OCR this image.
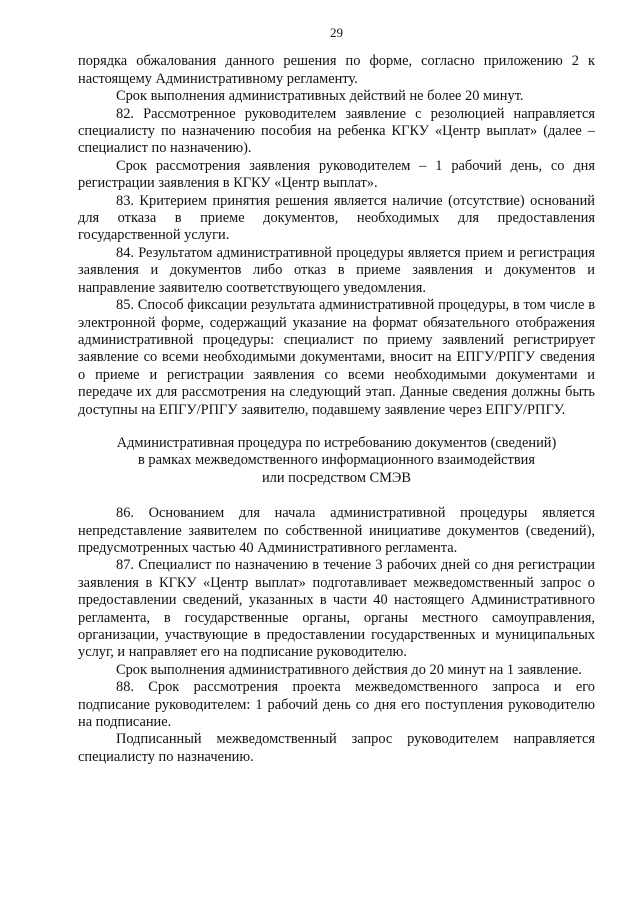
29

порядка обжалования данного решения по форме, согласно приложению 2 к настоящему Административному регламенту.

Срок выполнения административных действий не более 20 минут.

82. Рассмотренное руководителем заявление с резолюцией направляется специалисту по назначению пособия на ребенка КГКУ «Центр выплат» (далее – специалист по назначению).

Срок рассмотрения заявления руководителем – 1 рабочий день, со дня регистрации заявления в КГКУ «Центр выплат».

83. Критерием принятия решения является наличие (отсутствие) оснований для отказа в приеме документов, необходимых для предоставления государственной услуги.

84. Результатом административной процедуры является прием и регистрация заявления и документов либо отказ в приеме заявления и документов и направление заявителю соответствующего уведомления.

85. Способ фиксации результата административной процедуры, в том числе в электронной форме, содержащий указание на формат обязательного отображения административной процедуры: специалист по приему заявлений регистрирует заявление со всеми необходимыми документами, вносит на ЕПГУ/РПГУ сведения о приеме и регистрации заявления со всеми необходимыми документами и передаче их для рассмотрения на следующий этап. Данные сведения должны быть доступны на ЕПГУ/РПГУ заявителю, подавшему заявление через ЕПГУ/РПГУ.

Административная процедура по истребованию документов (сведений)
в рамках межведомственного информационного взаимодействия
или посредством СМЭВ

86. Основанием для начала административной процедуры является непредставление заявителем по собственной инициативе документов (сведений), предусмотренных частью 40 Административного регламента.

87. Специалист по назначению в течение 3 рабочих дней со дня регистрации заявления в КГКУ «Центр выплат» подготавливает межведомственный запрос о предоставлении сведений, указанных в части 40 настоящего Административного регламента, в государственные органы, органы местного самоуправления, организации, участвующие в предоставлении государственных и муниципальных услуг, и направляет его на подписание руководителю.

Срок выполнения административного действия до 20 минут на 1 заявление.

88. Срок рассмотрения проекта межведомственного запроса и его подписание руководителем: 1 рабочий день со дня его поступления руководителю на подписание.

Подписанный межведомственный запрос руководителем направляется специалисту по назначению.
